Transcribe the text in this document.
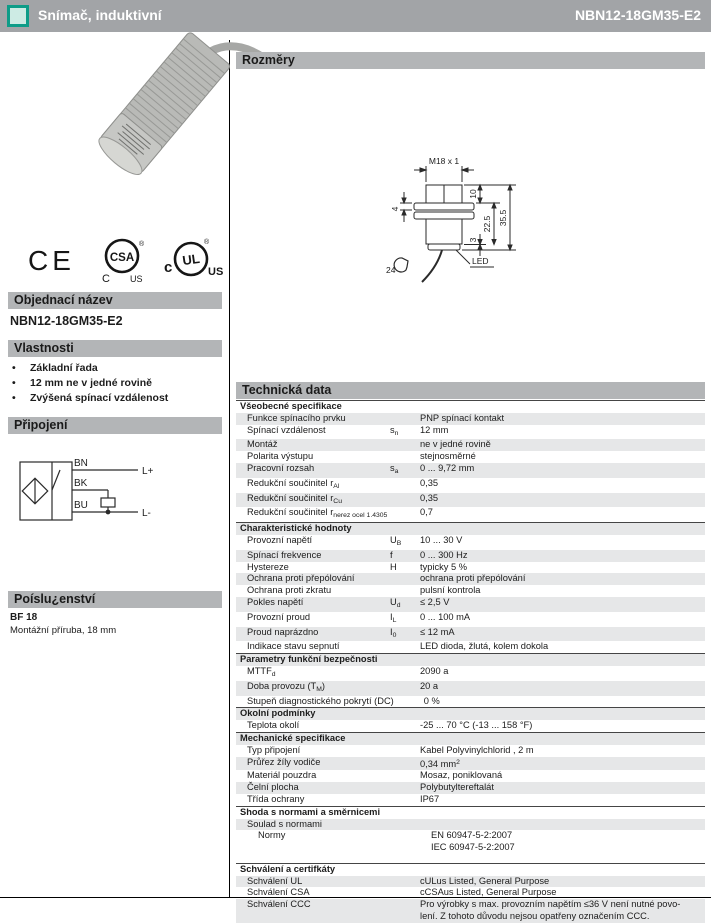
Snímač, induktivní	NBN12-18GM35-E2
CE	CSA
®
C US
c UL
®
US
Objednací název
NBN12-18GM35-E2
Vlastnosti
•	Základní řada
•	12 mm ne v jedné rovině
•	Zvýšená spínací vzdálenost
Připojení
BN
BK
BU
L+
L-
Poíslu¿enství
BF 18
Montážní příruba, 18 mm
Rozměry
M18 x 1
4
10
22.5
3
35.5
24
LED
Technická data
Všeobecné specifikace
Funkce spínacího prvku	PNP spínací kontakt
Spínací vzdálenost	$s_n$	12 mm
Montáž	ne v jedné rovině
Polarita výstupu	stejnosměrné
Pracovní rozsah	$s_a$	0 ... 9,72 mm
Redukční součinitel $r_{Al}$	0,35
Redukční součinitel $r_{Cu}$	0,35
Redukční součinitel $r_{nerez ocel 1.4305}$	0,7
Charakteristické hodnoty
Provozní napětí	$U_B$	10 ... 30 V
Spínací frekvence	f	0 ... 300 Hz
Hystereze	H	typicky 5 %
Ochrana proti přepólování	ochrana proti přepólování
Ochrana proti zkratu	pulsní kontrola
Pokles napětí	$U_d$	≤ 2,5 V
Provozní proud	$I_L$	0 ... 100 mA
Proud naprázdno	$I_0$	≤ 12 mA
Indikace stavu sepnutí	LED dioda, žlutá, kolem dokola
Parametry funkční bezpečnosti
$MTTF_d$	2090 a
Doba provozu $(T_M)$	20 a
Stupeň diagnostického pokrytí (DC)	0 %
Okolní podmínky
Teplota okolí	-25 ... 70 °C (-13 ... 158 °F)
Mechanické specifikace
Typ připojení	Kabel Polyvinylchlorid , 2 m
Průřez žíly vodiče	0,34 $mm^2$
Materiál pouzdra	Mosaz, poniklovaná
Čelní plocha	Polybutyltereftalát
Třída ochrany	IP67
Shoda s normami a směrnicemi
Soulad s normami
Normy	EN 60947-5-2:2007
IEC 60947-5-2:2007
Schválení a certifkáty
Schválení UL	cULus Listed, General Purpose
Schválení CSA	cCSAus Listed, General Purpose
Schválení CCC	Pro výrobky s max. provozním napětím ≤36 V není nutné povo-
lení. Z tohoto důvodu nejsou opatřeny označením CCC.
